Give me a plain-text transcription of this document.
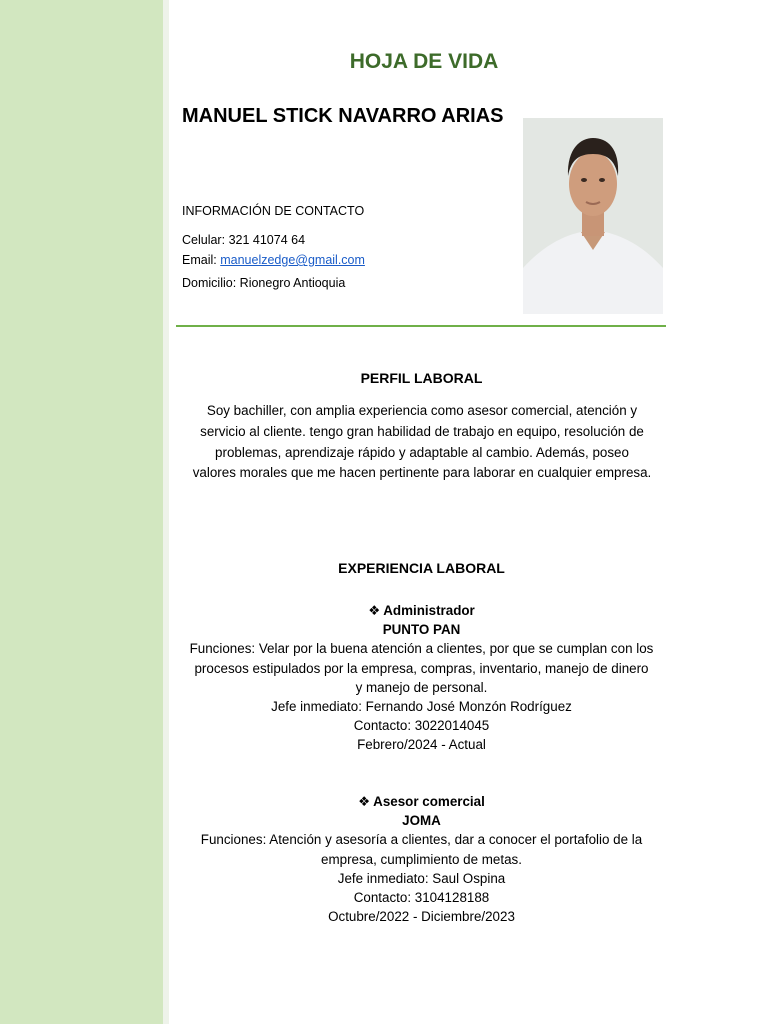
HOJA DE VIDA
MANUEL STICK NAVARRO ARIAS
INFORMACIÓN DE CONTACTO
Celular: 321 41074 64
Email: manuelzedge@gmail.com
Domicilio: Rionegro Antioquia
PERFIL LABORAL

Soy bachiller, con amplia experiencia como asesor comercial, atención y servicio al cliente. tengo gran habilidad de trabajo en equipo, resolución de problemas, aprendizaje rápido y adaptable al cambio. Además, poseo valores morales que me hacen pertinente para laborar en cualquier empresa.

EXPERIENCIA LABORAL
❖ Administrador
PUNTO PAN
Funciones: Velar por la buena atención a clientes, por que se cumplan con los
procesos estipulados por la empresa, compras, inventario, manejo de dinero
y manejo de personal.
Jefe inmediato: Fernando José Monzón Rodríguez
Contacto: 3022014045
Febrero/2024 - Actual
❖ Asesor comercial
JOMA
Funciones: Atención y asesoría a clientes, dar a conocer el portafolio de la
empresa, cumplimiento de metas.
Jefe inmediato: Saul Ospina
Contacto: 3104128188
Octubre/2022 - Diciembre/2023
